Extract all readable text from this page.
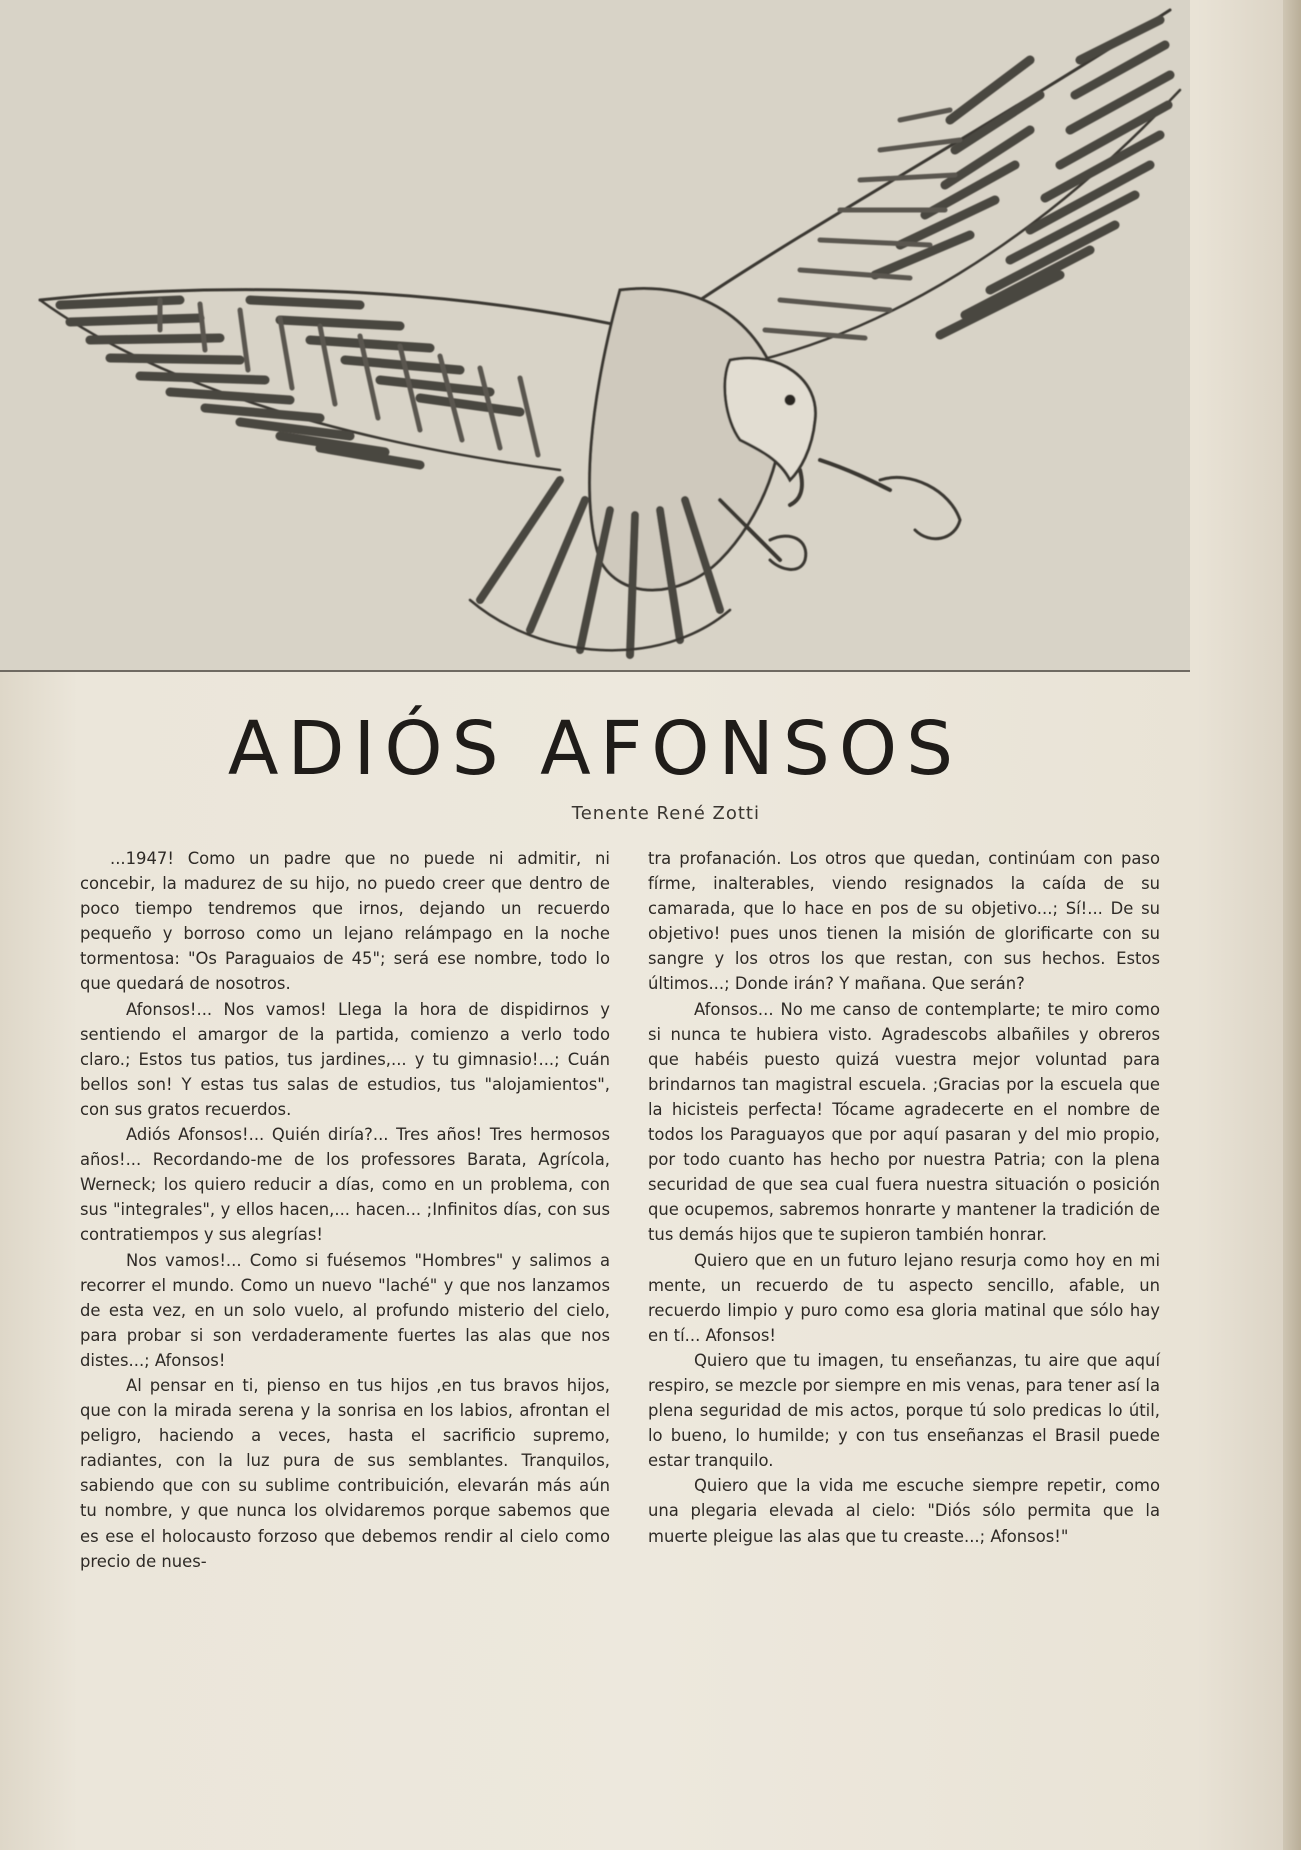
ADIÓS AFONSOS
Tenente René Zotti

...1947! Como un padre que no puede ni admitir, ni concebir, la madurez de su hijo, no puedo creer que dentro de poco tiempo tendremos que irnos, dejando un recuerdo pequeño y borroso como un lejano relámpago en la noche tormentosa: "Os Paraguaios de 45"; será ese nombre, todo lo que quedará de nosotros.

Afonsos!... Nos vamos! Llega la hora de dispidirnos y sentiendo el amargor de la partida, comienzo a verlo todo claro.; Estos tus patios, tus jardines,... y tu gimnasio!...; Cuán bellos son! Y estas tus salas de estudios, tus "alojamientos", con sus gratos recuerdos.

Adiós Afonsos!... Quién diría?... Tres años! Tres hermosos años!... Recordando-me de los professores Barata, Agrícola, Werneck; los quiero reducir a días, como en un problema, con sus "integrales", y ellos hacen,... hacen... ;Infinitos días, con sus contratiempos y sus alegrías!

Nos vamos!... Como si fuésemos "Hombres" y salimos a recorrer el mundo. Como un nuevo "laché" y que nos lanzamos de esta vez, en un solo vuelo, al profundo misterio del cielo, para probar si son verdaderamente fuertes las alas que nos distes...; Afonsos!

Al pensar en ti, pienso en tus hijos ,en tus bravos hijos, que con la mirada serena y la sonrisa en los labios, afrontan el peligro, haciendo a veces, hasta el sacrificio supremo, radiantes, con la luz pura de sus semblantes. Tranquilos, sabiendo que con su sublime contribuición, elevarán más aún tu nombre, y que nunca los olvidaremos porque sabemos que es ese el holocausto forzoso que debemos rendir al cielo como precio de nues-

tra profanación. Los otros que quedan, continúam con paso fírme, inalterables, viendo resignados la caída de su camarada, que lo hace en pos de su objetivo...; Sí!... De su objetivo! pues unos tienen la misión de glorificarte con su sangre y los otros los que restan, con sus hechos. Estos últimos...; Donde irán? Y mañana. Que serán?

Afonsos... No me canso de contemplarte; te miro como si nunca te hubiera visto. Agradescobs albañiles y obreros que habéis puesto quizá vuestra mejor voluntad para brindarnos tan magistral escuela. ;Gracias por la escuela que la hicisteis perfecta! Tócame agradecerte en el nombre de todos los Paraguayos que por aquí pasaran y del mio propio, por todo cuanto has hecho por nuestra Patria; con la plena securidad de que sea cual fuera nuestra situación o posición que ocupemos, sabremos honrarte y mantener la tradición de tus demás hijos que te supieron también honrar.

Quiero que en un futuro lejano resurja como hoy en mi mente, un recuerdo de tu aspecto sencillo, afable, un recuerdo limpio y puro como esa gloria matinal que sólo hay en tí... Afonsos!

Quiero que tu imagen, tu enseñanzas, tu aire que aquí respiro, se mezcle por siempre en mis venas, para tener así la plena seguridad de mis actos, porque tú solo predicas lo útil, lo bueno, lo humilde; y con tus enseñanzas el Brasil puede estar tranquilo.

Quiero que la vida me escuche siempre repetir, como una plegaria elevada al cielo: "Diós sólo permita que la muerte pleigue las alas que tu creaste...; Afonsos!"
